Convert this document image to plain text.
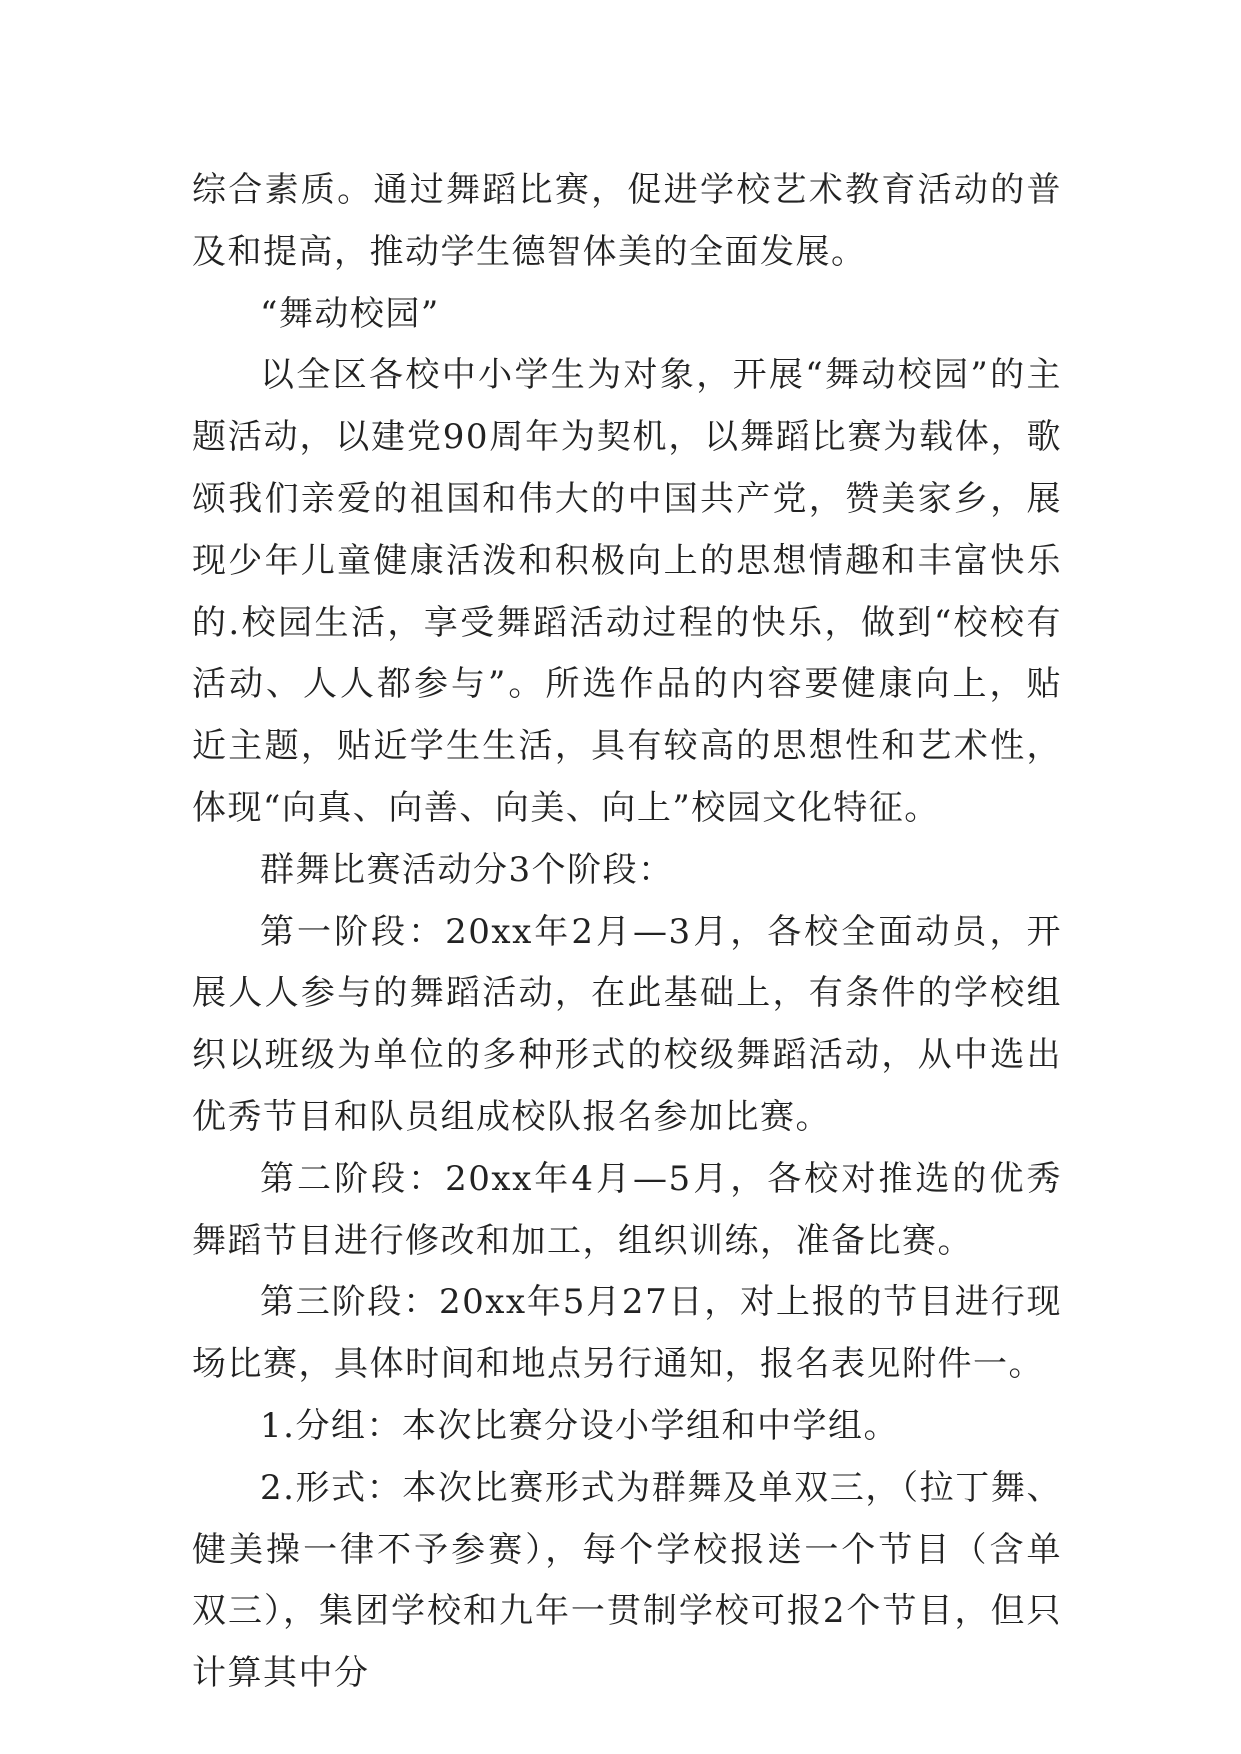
综合素质。通过舞蹈比赛，促进学校艺术教育活动的普及和提高，推动学生德智体美的全面发展。

“舞动校园”

以全区各校中小学生为对象，开展“舞动校园”的主题活动，以建党90周年为契机，以舞蹈比赛为载体，歌颂我们亲爱的祖国和伟大的中国共产党，赞美家乡，展现少年儿童健康活泼和积极向上的思想情趣和丰富快乐的.校园生活，享受舞蹈活动过程的快乐，做到“校校有活动、人人都参与”。所选作品的内容要健康向上，贴近主题，贴近学生生活，具有较高的思想性和艺术性，体现“向真、向善、向美、向上”校园文化特征。

群舞比赛活动分3个阶段：

第一阶段：20xx年2月—3月，各校全面动员，开展人人参与的舞蹈活动，在此基础上，有条件的学校组织以班级为单位的多种形式的校级舞蹈活动，从中选出优秀节目和队员组成校队报名参加比赛。

第二阶段：20xx年4月—5月，各校对推选的优秀舞蹈节目进行修改和加工，组织训练，准备比赛。

第三阶段：20xx年5月27日，对上报的节目进行现场比赛，具体时间和地点另行通知，报名表见附件一。

1.分组：本次比赛分设小学组和中学组。

2.形式：本次比赛形式为群舞及单双三，（拉丁舞、健美操一律不予参赛），每个学校报送一个节目（含单双三），集团学校和九年一贯制学校可报2个节目，但只计算其中分
